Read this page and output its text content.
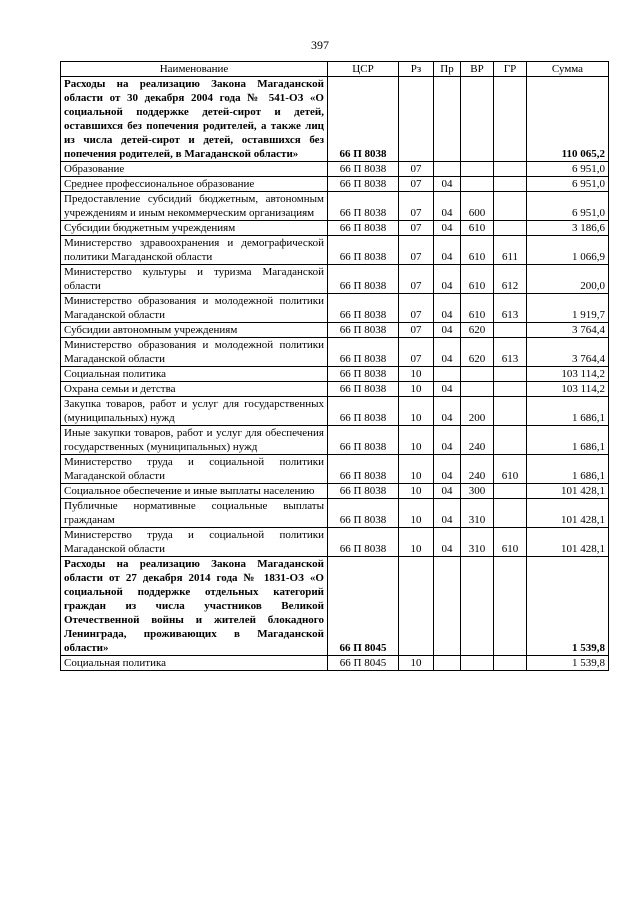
397
Наименование	ЦСР	Рз	Пр	ВР	ГР	Сумма
Расходы на реализацию Закона Магаданской области от 30 декабря 2004 года № 541-ОЗ «О социальной поддержке детей-сирот и детей, оставшихся без попечения родителей, а также лиц из числа детей-сирот и детей, оставшихся без попечения родителей, в Магаданской области»	66 П 8038					110 065,2
Образование	66 П 8038	07				6 951,0
Среднее профессиональное образование	66 П 8038	07	04			6 951,0
Предоставление субсидий бюджетным, автономным учреждениям и иным некоммерческим организациям	66 П 8038	07	04	600		6 951,0
Субсидии бюджетным учреждениям	66 П 8038	07	04	610		3 186,6
Министерство здравоохранения и демографической политики Магаданской области	66 П 8038	07	04	610	611	1 066,9
Министерство культуры и туризма Магаданской области	66 П 8038	07	04	610	612	200,0
Министерство образования и молодежной политики Магаданской области	66 П 8038	07	04	610	613	1 919,7
Субсидии автономным учреждениям	66 П 8038	07	04	620		3 764,4
Министерство образования и молодежной политики Магаданской области	66 П 8038	07	04	620	613	3 764,4
Социальная политика	66 П 8038	10				103 114,2
Охрана семьи и детства	66 П 8038	10	04			103 114,2
Закупка товаров, работ и услуг для государственных (муниципальных) нужд	66 П 8038	10	04	200		1 686,1
Иные закупки товаров, работ и услуг для обеспечения государственных (муниципальных) нужд	66 П 8038	10	04	240		1 686,1
Министерство труда и социальной политики Магаданской области	66 П 8038	10	04	240	610	1 686,1
Социальное обеспечение и иные выплаты населению	66 П 8038	10	04	300		101 428,1
Публичные нормативные социальные выплаты гражданам	66 П 8038	10	04	310		101 428,1
Министерство труда и социальной политики Магаданской области	66 П 8038	10	04	310	610	101 428,1
Расходы на реализацию Закона Магаданской области от 27 декабря 2014 года № 1831-ОЗ «О социальной поддержке отдельных категорий граждан из числа участников Великой Отечественной войны и жителей блокадного Ленинграда, проживающих в Магаданской области»	66 П 8045					1 539,8
Социальная политика	66 П 8045	10				1 539,8
